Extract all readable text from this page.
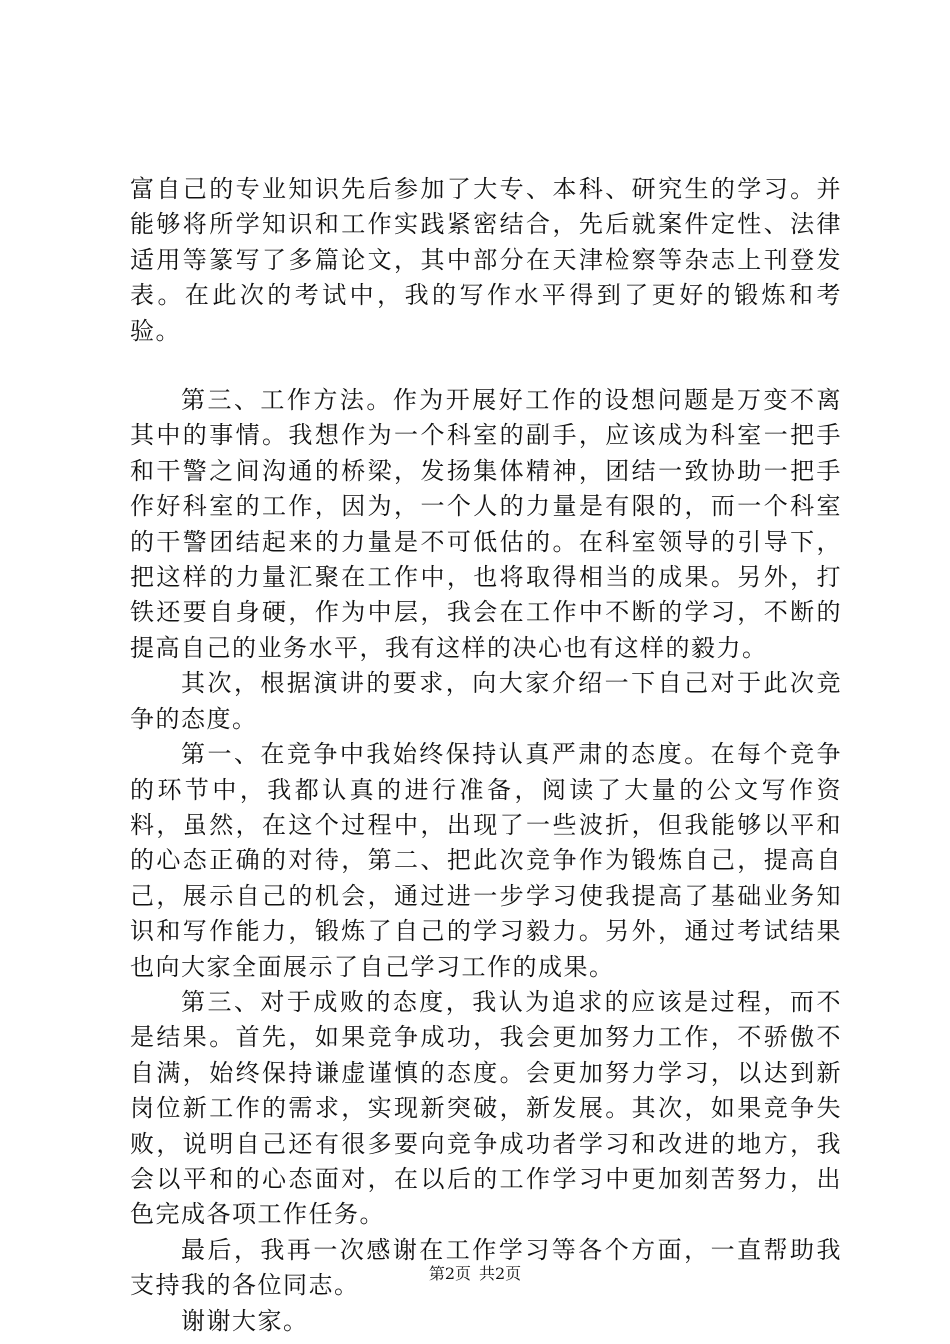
富自己的专业知识先后参加了大专、本科、研究生的学习。并能够将所学知识和工作实践紧密结合，先后就案件定性、法律适用等篆写了多篇论文，其中部分在天津检察等杂志上刊登发表。在此次的考试中，我的写作水平得到了更好的锻炼和考验。

第三、工作方法。作为开展好工作的设想问题是万变不离其中的事情。我想作为一个科室的副手，应该成为科室一把手和干警之间沟通的桥梁，发扬集体精神，团结一致协助一把手作好科室的工作，因为，一个人的力量是有限的，而一个科室的干警团结起来的力量是不可低估的。在科室领导的引导下，把这样的力量汇聚在工作中，也将取得相当的成果。另外，打铁还要自身硬，作为中层，我会在工作中不断的学习，不断的提高自己的业务水平，我有这样的决心也有这样的毅力。

其次，根据演讲的要求，向大家介绍一下自己对于此次竞争的态度。

第一、在竞争中我始终保持认真严肃的态度。在每个竞争的环节中，我都认真的进行准备，阅读了大量的公文写作资料，虽然，在这个过程中，出现了一些波折，但我能够以平和的心态正确的对待，第二、把此次竞争作为锻炼自己，提高自己，展示自己的机会，通过进一步学习使我提高了基础业务知识和写作能力，锻炼了自己的学习毅力。另外，通过考试结果也向大家全面展示了自己学习工作的成果。

第三、对于成败的态度，我认为追求的应该是过程，而不是结果。首先，如果竞争成功，我会更加努力工作，不骄傲不自满，始终保持谦虚谨慎的态度。会更加努力学习，以达到新岗位新工作的需求，实现新突破，新发展。其次，如果竞争失败，说明自己还有很多要向竞争成功者学习和改进的地方，我会以平和的心态面对，在以后的工作学习中更加刻苦努力，出色完成各项工作任务。

最后，我再一次感谢在工作学习等各个方面，一直帮助我支持我的各位同志。

谢谢大家。

第2页 共2页
